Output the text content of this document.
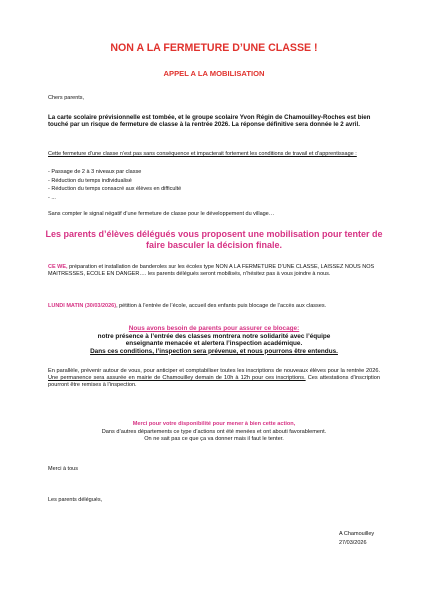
NON A LA FERMETURE D’UNE CLASSE !
APPEL A LA MOBILISATION
Chers parents,
La carte scolaire prévisionnelle est tombée, et le groupe scolaire Yvon Régin de Chamouilley-Roches est bien touché par un risque de fermeture de classe à la rentrée 2026. La réponse définitive sera donnée le 2 avril.
Cette fermeture d’une classe n’est pas sans conséquence et impacterait fortement les conditions de travail et d’apprentissage :
- Passage de 2 à 3 niveaux par classe
- Réduction du temps individualisé
- Réduction du temps consacré aux élèves en difficulté
- ...
Sans compter le signal négatif d’une fermeture de classe pour le développement du village…
Les parents d’élèves délégués vous proposent une mobilisation pour tenter de faire basculer la décision finale.
CE WE, préparation et installation de banderoles sur les écoles type NON A LA FERMETURE D’UNE CLASSE, LAISSEZ NOUS NOS MAITRESSES, ECOLE EN DANGER…. les parents délégués seront mobilisés, n’hésitez pas à vous joindre à nous.
LUNDI MATIN (30/03/2026), pétition à l’entrée de l’école, accueil des enfants puis blocage de l’accès aux classes.
Nous avons besoin de parents pour assurer ce blocage:
notre présence à l’entrée des classes montrera notre solidarité avec l’équipe
enseignante menacée et alertera l’inspection académique.
Dans ces conditions, l’inspection sera prévenue, et nous pourrons être entendus.
En parallèle, prévenir autour de vous, pour anticiper et comptabiliser toutes les inscriptions de nouveaux élèves pour la rentrée 2026. Une permanence sera assurée en mairie de Chamouilley demain de 10h à 12h pour ces inscriptions. Ces attestations d’inscription pourront être remises à l’inspection.
Merci pour votre disponibilité pour mener à bien cette action,
Dans d’autres départements ce type d’actions ont été menées et ont abouti favorablement.
On ne sait pas ce que ça va donner mais il faut le tenter.
Merci à tous
Les parents délégués,
A Chamouilley
27/03/2026
